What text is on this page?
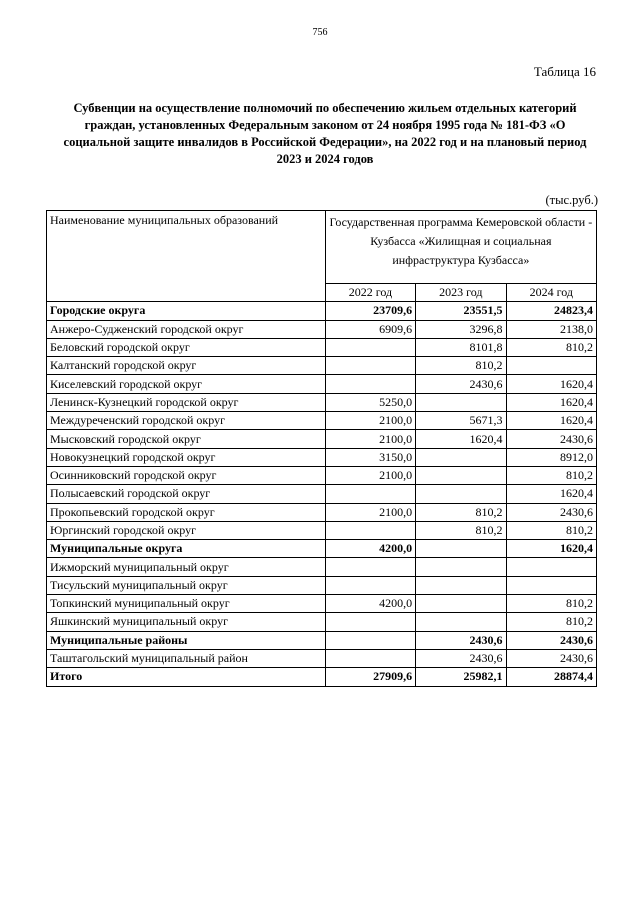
756
Таблица 16
Субвенции на осуществление полномочий по обеспечению жильем отдельных категорий граждан, установленных Федеральным законом от 24 ноября 1995 года № 181-ФЗ «О социальной защите инвалидов в Российской Федерации», на 2022 год и на плановый период 2023 и 2024 годов
(тыс.руб.)
Наименование муниципальных образований	Государственная программа Кемеровской области - Кузбасса «Жилищная и социальная инфраструктура Кузбасса»		
	2022 год	2023 год	2024 год
Городские округа	23709,6	23551,5	24823,4
Анжеро-Судженский городской округ	6909,6	3296,8	2138,0
Беловский городской округ		8101,8	810,2
Калтанский городской округ		810,2	
Киселевский городской округ		2430,6	1620,4
Ленинск-Кузнецкий городской округ	5250,0		1620,4
Междуреченский городской округ	2100,0	5671,3	1620,4
Мысковский городской округ	2100,0	1620,4	2430,6
Новокузнецкий городской округ	3150,0		8912,0
Осинниковский городской округ	2100,0		810,2
Полысаевский городской округ			1620,4
Прокопьевский городской округ	2100,0	810,2	2430,6
Юргинский городской округ		810,2	810,2
Муниципальные округа	4200,0		1620,4
Ижморский муниципальный округ			
Тисульский муниципальный округ			
Топкинский муниципальный округ	4200,0		810,2
Яшкинский муниципальный округ			810,2
Муниципальные районы		2430,6	2430,6
Таштагольский муниципальный район		2430,6	2430,6
Итого	27909,6	25982,1	28874,4
